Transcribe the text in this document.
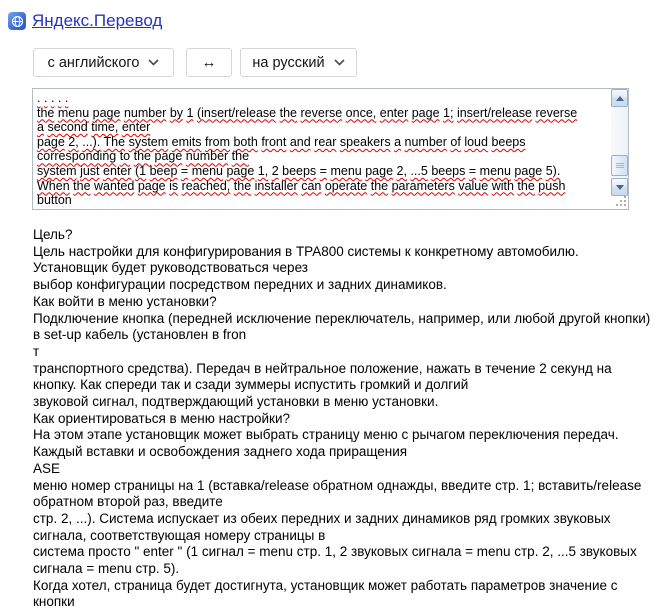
Яндекс.Перевод
с английского	↔ на русский
. . . . .
the menu page number by 1 (insert/release the reverse once, enter page 1; insert/release reverse
a second time, enter
page 2, ...). The system emits from both front and rear speakers a number of loud beeps
corresponding to the page number the
system just enter (1 beep = menu page 1, 2 beeps = menu page 2, ...5 beeps = menu page 5).
When the wanted page is reached, the installer can operate the parameters value with the push
button
Цель?
Цель настройки для конфигурирования в TPA800 системы к конкретному автомобилю.
Установщик будет руководствоваться через
выбор конфигурации посредством передних и задних динамиков.
Как войти в меню установки?
Подключение кнопка (передней исключение переключатель, например, или любой другой кнопки)
в set-up кабель (установлен в fron
т
транспортного средства). Передач в нейтральное положение, нажать в течение 2 секунд на
кнопку. Как спереди так и сзади зуммеры испустить громкий и долгий
звуковой сигнал, подтверждающий установки в меню установки.
Как ориентироваться в меню настройки?
На этом этапе установщик может выбрать страницу меню с рычагом переключения передач.
Каждый вставки и освобождения заднего хода приращения
ASE
меню номер страницы на 1 (вставка/release обратном однажды, введите стр. 1; вставить/release
обратном второй раз, введите
стр. 2, ...). Система испускает из обеих передних и задних динамиков ряд громких звуковых
сигнала, соответствующая номеру страницы в
система просто " enter " (1 сигнал = menu стр. 1, 2 звуковых сигнала = menu стр. 2, ...5 звуковых
сигнала = menu стр. 5).
Когда хотел, страница будет достигнута, установщик может работать параметров значение с
кнопки
